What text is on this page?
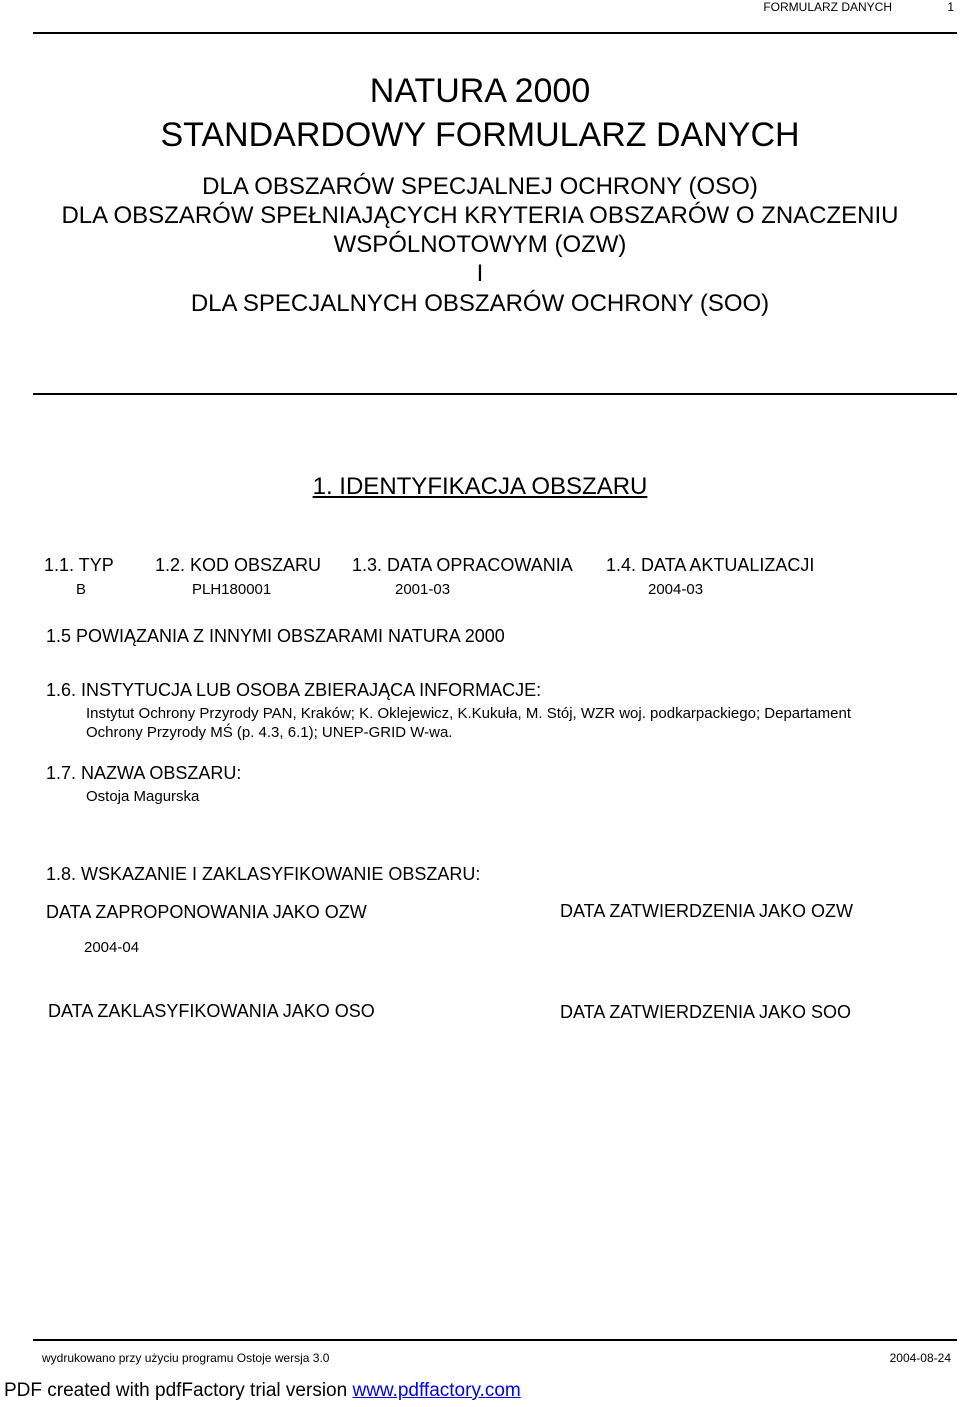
FORMULARZ DANYCH	1
NATURA 2000
STANDARDOWY FORMULARZ DANYCH
DLA OBSZARÓW SPECJALNEJ OCHRONY (OSO)
DLA OBSZARÓW SPEŁNIAJĄCYCH KRYTERIA OBSZARÓW O ZNACZENIU
WSPÓLNOTOWYM (OZW)
I
DLA SPECJALNYCH OBSZARÓW OCHRONY (SOO)
1. IDENTYFIKACJA OBSZARU
1.1. TYP 1.2. KOD OBSZARU 1.3. DATA OPRACOWANIA 1.4. DATA AKTUALIZACJI
B	PLH180001	2001-03	2004-03
1.5 POWIĄZANIA Z INNYMI OBSZARAMI NATURA 2000
1.6. INSTYTUCJA LUB OSOBA ZBIERAJĄCA INFORMACJE:
Instytut Ochrony Przyrody PAN, Kraków; K. Oklejewicz, K.Kukuła, M. Stój, WZR woj. podkarpackiego; Departament
Ochrony Przyrody MŚ (p. 4.3, 6.1); UNEP-GRID W-wa.
1.7. NAZWA OBSZARU:
Ostoja Magurska
1.8. WSKAZANIE I ZAKLASYFIKOWANIE OBSZARU:
DATA ZAPROPONOWANIA JAKO OZW	DATA ZATWIERDZENIA JAKO OZW
2004-04
DATA ZAKLASYFIKOWANIA JAKO OSO	DATA ZATWIERDZENIA JAKO SOO
wydrukowano przy użyciu programu Ostoje wersja 3.0	2004-08-24
PDF created with pdfFactory trial version www.pdffactory.com
